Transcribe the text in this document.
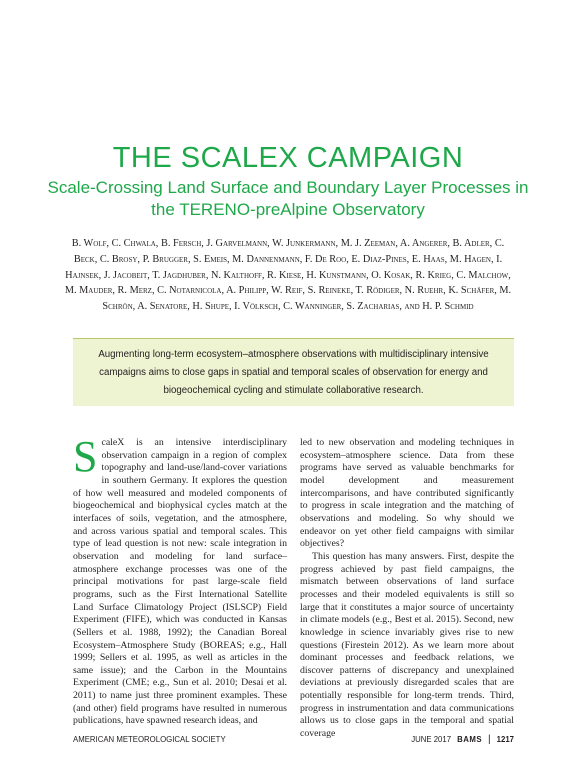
THE SCALEX CAMPAIGN
Scale-Crossing Land Surface and Boundary Layer Processes in the TERENO-preAlpine Observatory
B. Wolf, C. Chwala, B. Fersch, J. Garvelmann, W. Junkermann, M. J. Zeeman, A. Angerer, B. Adler, C. Beck, C. Brosy, P. Brugger, S. Emeis, M. Dannenmann, F. De Roo, E. Diaz-Pines, E. Haas, M. Hagen, I. Hajnsek, J. Jacobeit, T. Jagdhuber, N. Kalthoff, R. Kiese, H. Kunstmann, O. Kosak, R. Krieg, C. Malchow, M. Mauder, R. Merz, C. Notarnicola, A. Philipp, W. Reif, S. Reineke, T. Rödiger, N. Ruehr, K. Schäfer, M. Schrön, A. Senatore, H. Shupe, I. Völksch, C. Wanninger, S. Zacharias, and H. P. Schmid
Augmenting long-term ecosystem–atmosphere observations with multidisciplinary intensive campaigns aims to close gaps in spatial and temporal scales of observation for energy and biogeochemical cycling and stimulate collaborative research.

ScaleX is an intensive interdisciplinary observation campaign in a region of complex topography and land-use/land-cover variations in southern Germany. It explores the question of how well measured and modeled components of biogeochemical and biophysical cycles match at the interfaces of soils, vegetation, and the atmosphere, and across various spatial and temporal scales. This type of lead question is not new: scale integration in observation and modeling for land surface–atmosphere exchange processes was one of the principal motivations for past large-scale field programs, such as the First International Satellite Land Surface Climatology Project (ISLSCP) Field Experiment (FIFE), which was conducted in Kansas (Sellers et al. 1988, 1992); the Canadian Boreal Ecosystem–Atmosphere Study (BOREAS; e.g., Hall 1999; Sellers et al. 1995, as well as articles in the same issue); and the Carbon in the Mountains Experiment (CME; e.g., Sun et al. 2010; Desai et al. 2011) to name just three prominent examples. These (and other) field programs have resulted in numerous publications, have spawned research ideas, and

led to new observation and modeling techniques in ecosystem–atmosphere science. Data from these programs have served as valuable benchmarks for model development and measurement intercomparisons, and have contributed significantly to progress in scale integration and the matching of observations and modeling. So why should we endeavor on yet other field campaigns with similar objectives?

This question has many answers. First, despite the progress achieved by past field campaigns, the mismatch between observations of land surface processes and their modeled equivalents is still so large that it constitutes a major source of uncertainty in climate models (e.g., Best et al. 2015). Second, new knowledge in science invariably gives rise to new questions (Firestein 2012). As we learn more about dominant processes and feedback relations, we discover patterns of discrepancy and unexplained deviations at previously disregarded scales that are potentially responsible for long-term trends. Third, progress in instrumentation and data communications allows us to close gaps in the temporal and spatial coverage

AMERICAN METEOROLOGICAL SOCIETY	JUNE 2017 BAMS | 1217
